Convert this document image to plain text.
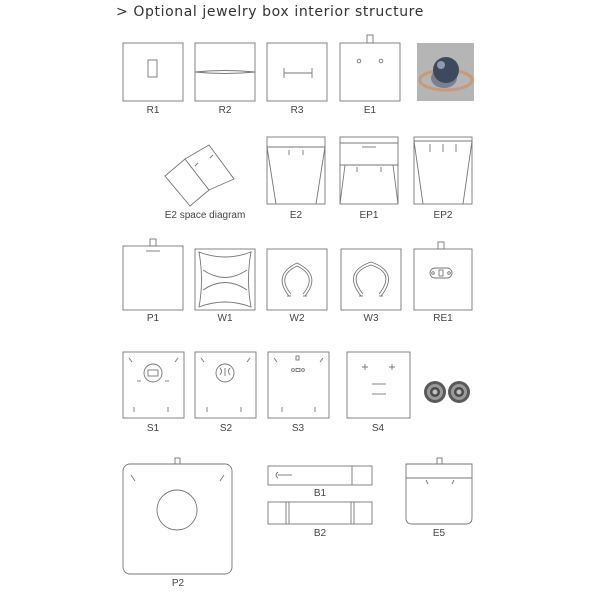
> Optional jewelry box interior structure
R1	R2	R3	E1
E2 space diagram	E2	EP1	EP2
P1	W1	W2	W3	RE1
S1	S2	S3	S4
B1
B2	E5
P2
